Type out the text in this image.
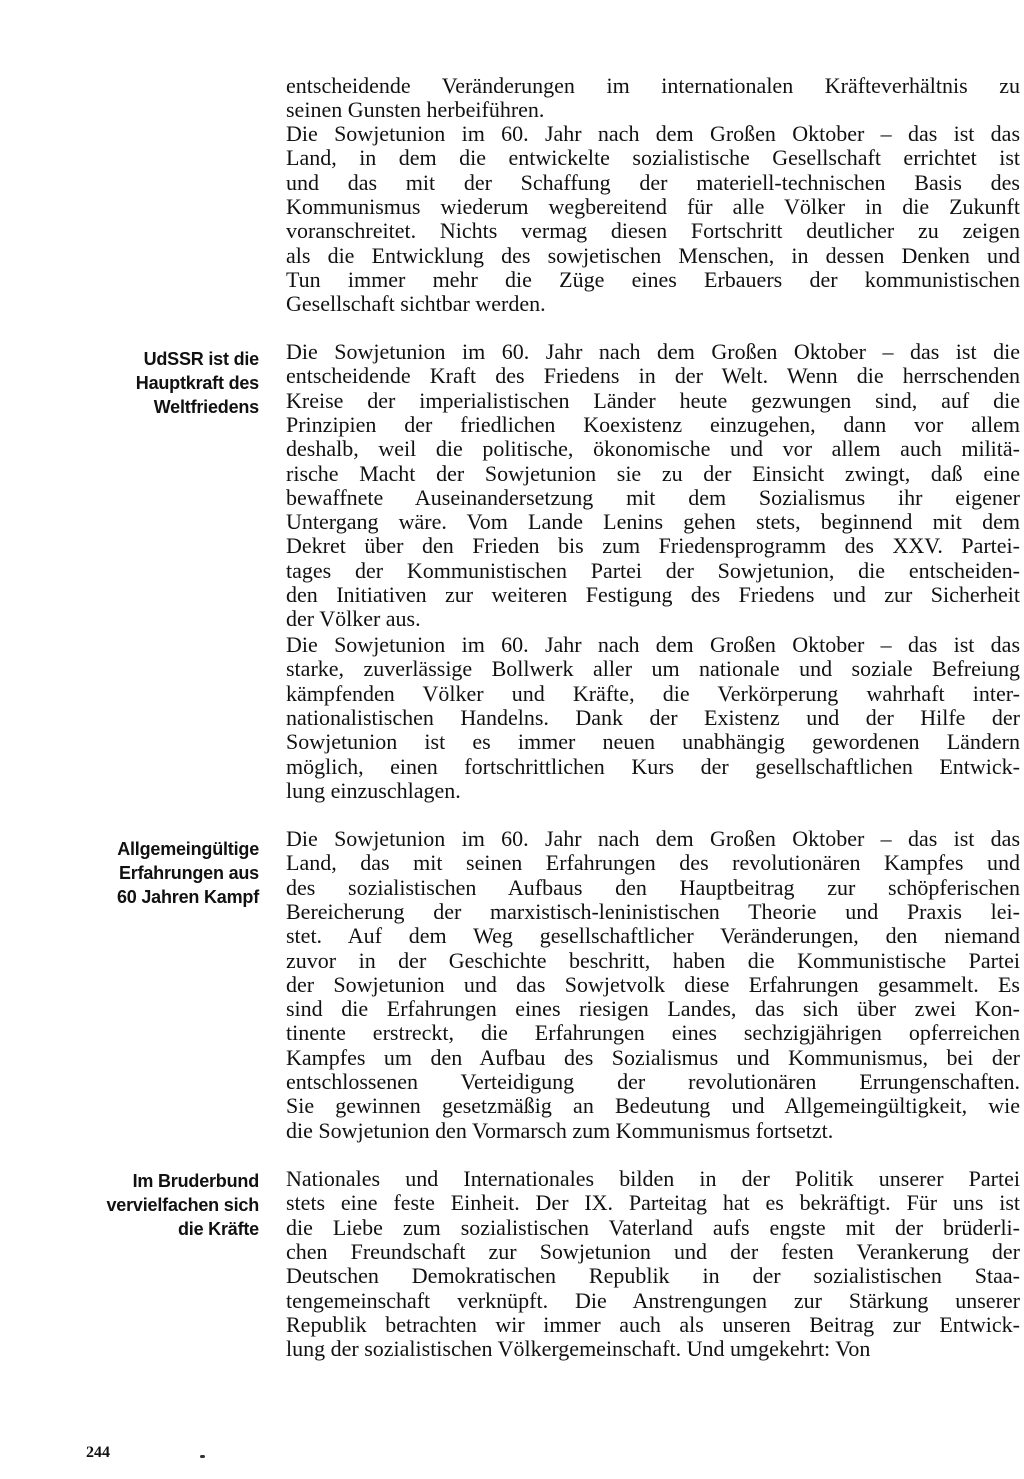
entscheidende Veränderungen im internationalen Kräfteverhältnis zu
seinen Gunsten herbeiführen.
Die Sowjetunion im 60. Jahr nach dem Großen Oktober – das ist das
Land, in dem die entwickelte sozialistische Gesellschaft errichtet ist
und das mit der Schaffung der materiell-technischen Basis des
Kommunismus wiederum wegbereitend für alle Völker in die Zukunft
voranschreitet. Nichts vermag diesen Fortschritt deutlicher zu zeigen
als die Entwicklung des sowjetischen Menschen, in dessen Denken und
Tun immer mehr die Züge eines Erbauers der kommunistischen
Gesellschaft sichtbar werden.
Die Sowjetunion im 60. Jahr nach dem Großen Oktober – das ist die
entscheidende Kraft des Friedens in der Welt. Wenn die herrschenden
Kreise der imperialistischen Länder heute gezwungen sind, auf die
Prinzipien der friedlichen Koexistenz einzugehen, dann vor allem
deshalb, weil die politische, ökonomische und vor allem auch militä-
rische Macht der Sowjetunion sie zu der Einsicht zwingt, daß eine
bewaffnete Auseinandersetzung mit dem Sozialismus ihr eigener
Untergang wäre. Vom Lande Lenins gehen stets, beginnend mit dem
Dekret über den Frieden bis zum Friedensprogramm des XXV. Partei-
tages der Kommunistischen Partei der Sowjetunion, die entscheiden-
den Initiativen zur weiteren Festigung des Friedens und zur Sicherheit
der Völker aus.
Die Sowjetunion im 60. Jahr nach dem Großen Oktober – das ist das
starke, zuverlässige Bollwerk aller um nationale und soziale Befreiung
kämpfenden Völker und Kräfte, die Verkörperung wahrhaft inter-
nationalistischen Handelns. Dank der Existenz und der Hilfe der
Sowjetunion ist es immer neuen unabhängig gewordenen Ländern
möglich, einen fortschrittlichen Kurs der gesellschaftlichen Entwick-
lung einzuschlagen.
Die Sowjetunion im 60. Jahr nach dem Großen Oktober – das ist das
Land, das mit seinen Erfahrungen des revolutionären Kampfes und
des sozialistischen Aufbaus den Hauptbeitrag zur schöpferischen
Bereicherung der marxistisch-leninistischen Theorie und Praxis lei-
stet. Auf dem Weg gesellschaftlicher Veränderungen, den niemand
zuvor in der Geschichte beschritt, haben die Kommunistische Partei
der Sowjetunion und das Sowjetvolk diese Erfahrungen gesammelt. Es
sind die Erfahrungen eines riesigen Landes, das sich über zwei Kon-
tinente erstreckt, die Erfahrungen eines sechzigjährigen opferreichen
Kampfes um den Aufbau des Sozialismus und Kommunismus, bei der
entschlossenen Verteidigung der revolutionären Errungenschaften.
Sie gewinnen gesetzmäßig an Bedeutung und Allgemeingültigkeit, wie
die Sowjetunion den Vormarsch zum Kommunismus fortsetzt.
Nationales und Internationales bilden in der Politik unserer Partei
stets eine feste Einheit. Der IX. Parteitag hat es bekräftigt. Für uns ist
die Liebe zum sozialistischen Vaterland aufs engste mit der brüderli-
chen Freundschaft zur Sowjetunion und der festen Verankerung der
Deutschen Demokratischen Republik in der sozialistischen Staa-
tengemeinschaft verknüpft. Die Anstrengungen zur Stärkung unserer
Republik betrachten wir immer auch als unseren Beitrag zur Entwick-
lung der sozialistischen Völkergemeinschaft. Und umgekehrt: Von
UdSSR ist die
Hauptkraft des
Weltfriedens
Allgemeingültige
Erfahrungen aus
60 Jahren Kampf
Im Bruderbund
vervielfachen sich
die Kräfte
244
